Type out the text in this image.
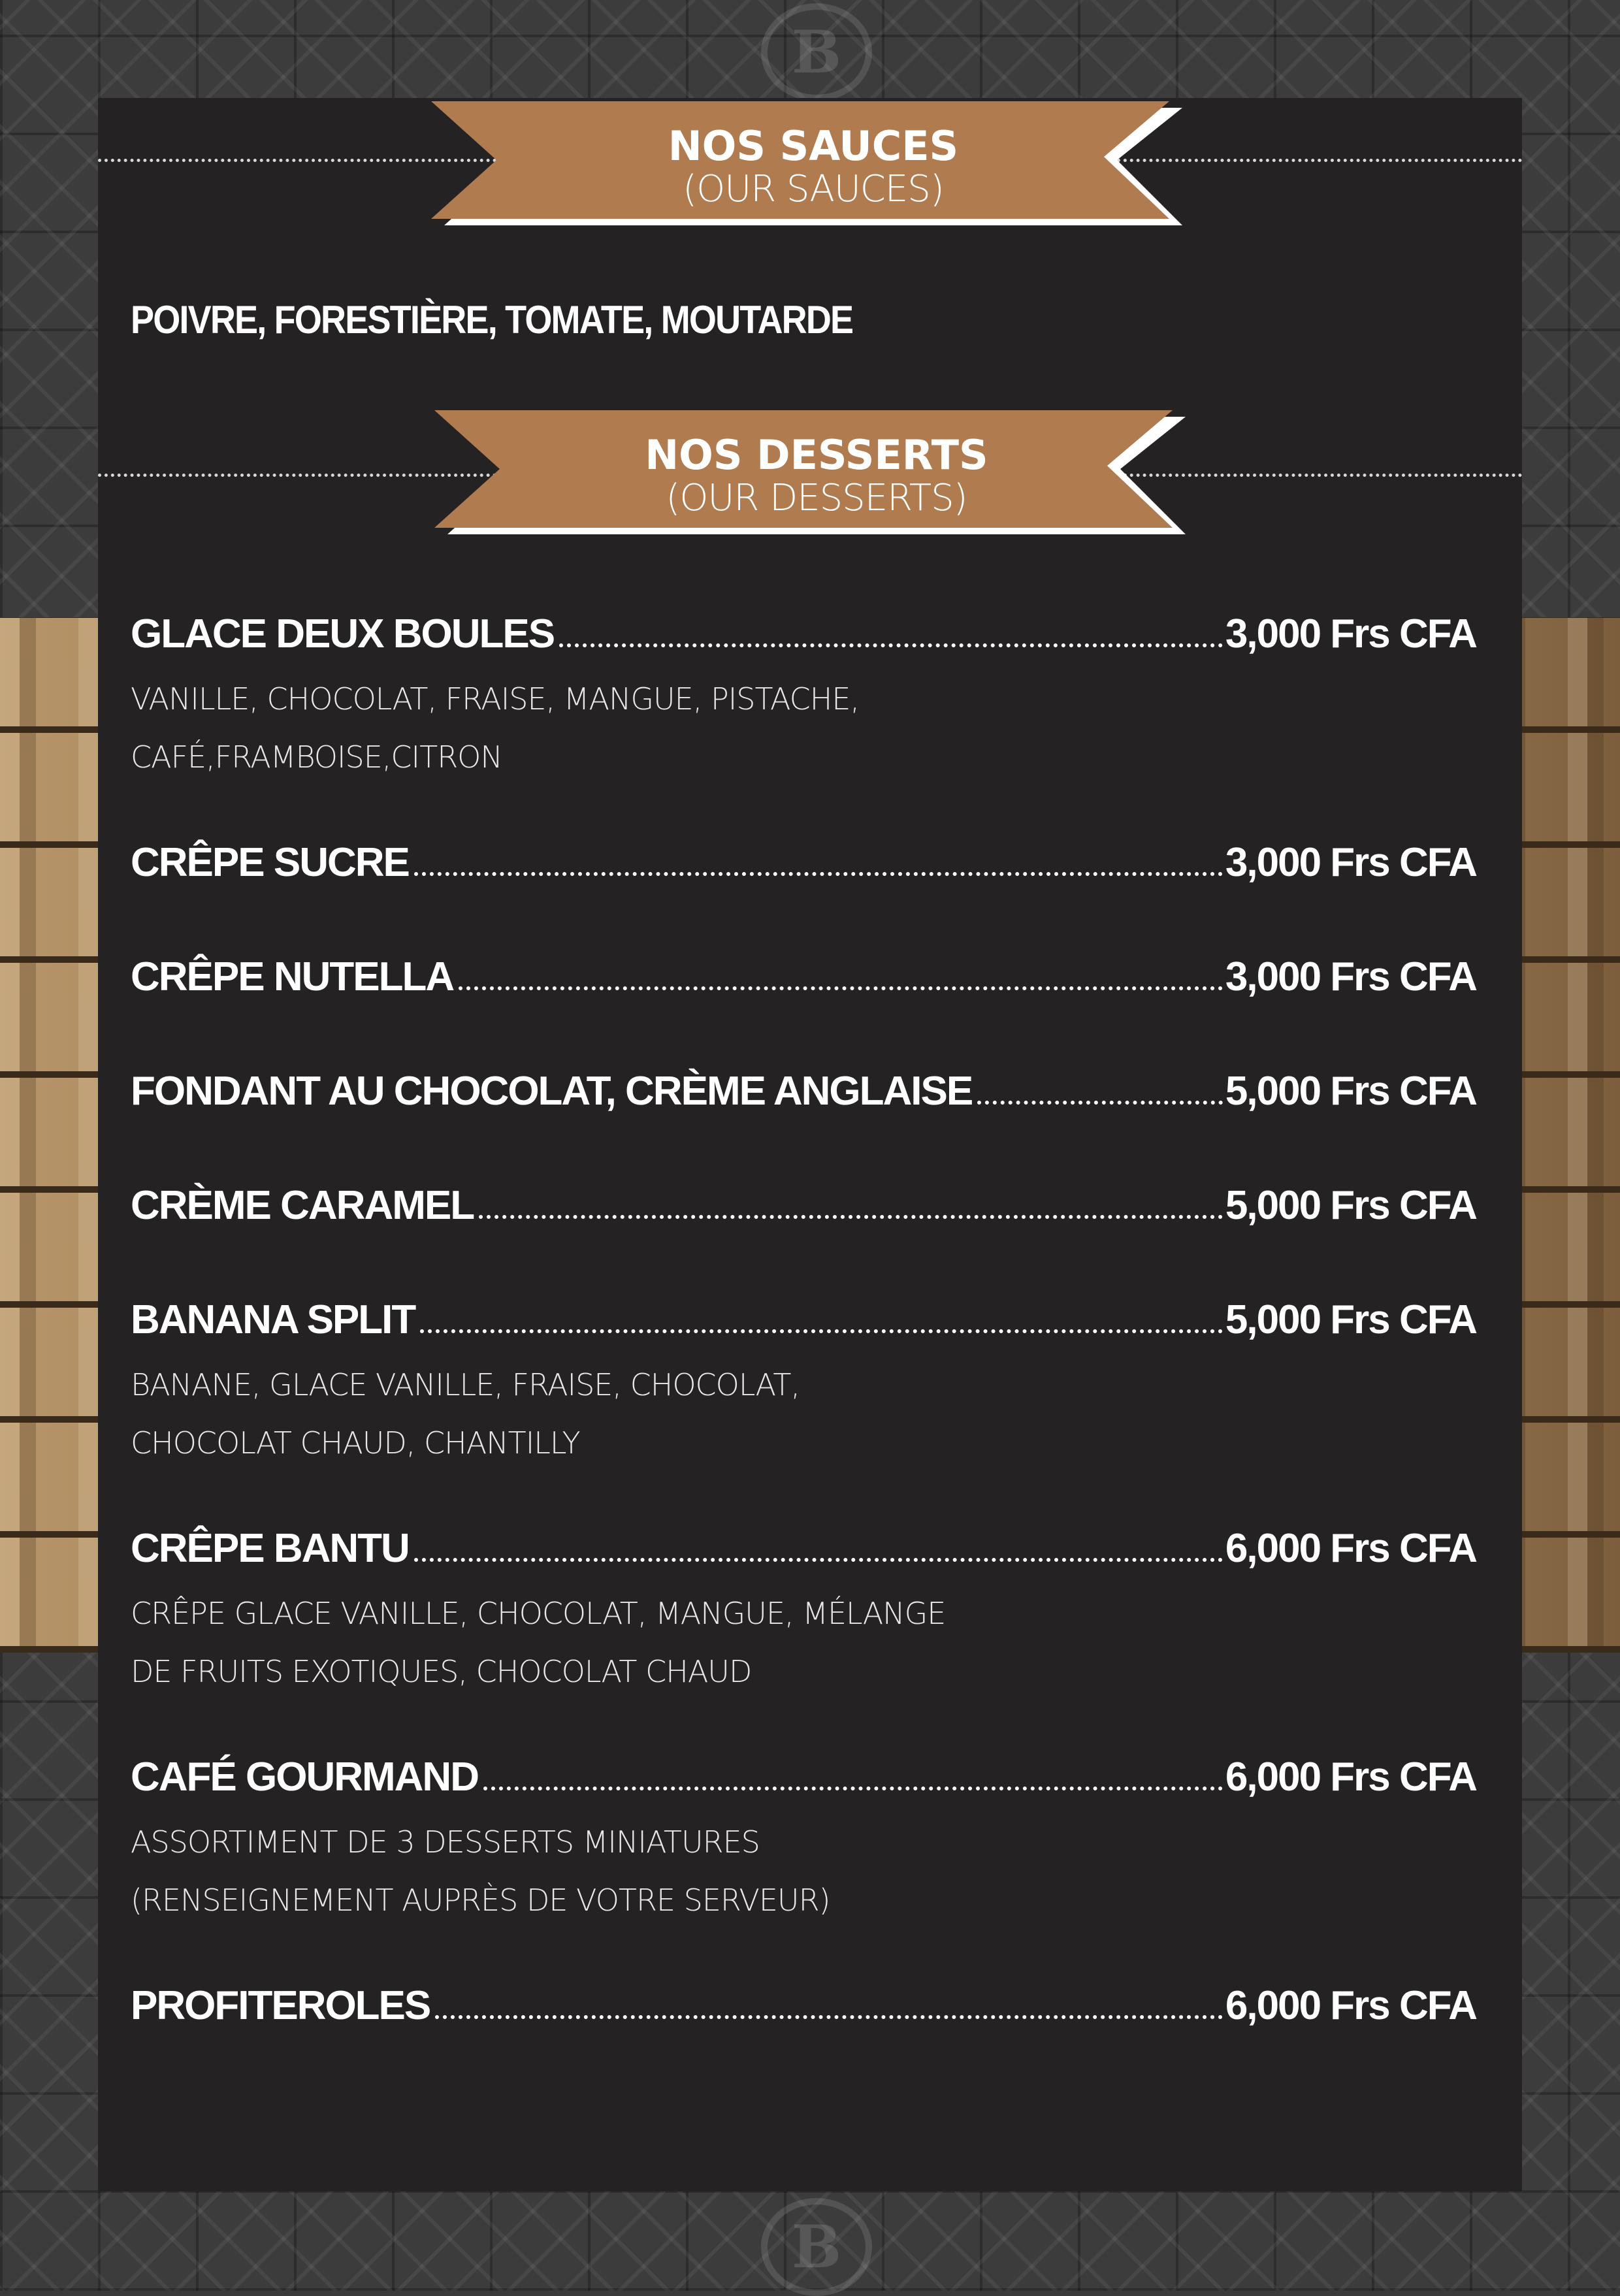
B
B
NOS SAUCES
(OUR SAUCES)
POIVRE, FORESTIÈRE, TOMATE, MOUTARDE
NOS DESSERTS
(OUR DESSERTS)
GLACE DEUX BOULES	3,000 Frs CFA
VANILLE, CHOCOLAT, FRAISE, MANGUE, PISTACHE,
CAFÉ,FRAMBOISE,CITRON
CRÊPE SUCRE	3,000 Frs CFA
CRÊPE NUTELLA	3,000 Frs CFA
FONDANT AU CHOCOLAT, CRÈME ANGLAISE	5,000 Frs CFA
CRÈME CARAMEL	5,000 Frs CFA
BANANA SPLIT	5,000 Frs CFA
BANANE, GLACE VANILLE, FRAISE, CHOCOLAT,
CHOCOLAT CHAUD, CHANTILLY
CRÊPE BANTU	6,000 Frs CFA
CRÊPE GLACE VANILLE, CHOCOLAT, MANGUE, MÉLANGE
DE FRUITS EXOTIQUES, CHOCOLAT CHAUD
CAFÉ GOURMAND	6,000 Frs CFA
ASSORTIMENT DE 3 DESSERTS MINIATURES
(RENSEIGNEMENT AUPRÈS DE VOTRE SERVEUR)
PROFITEROLES	6,000 Frs CFA
